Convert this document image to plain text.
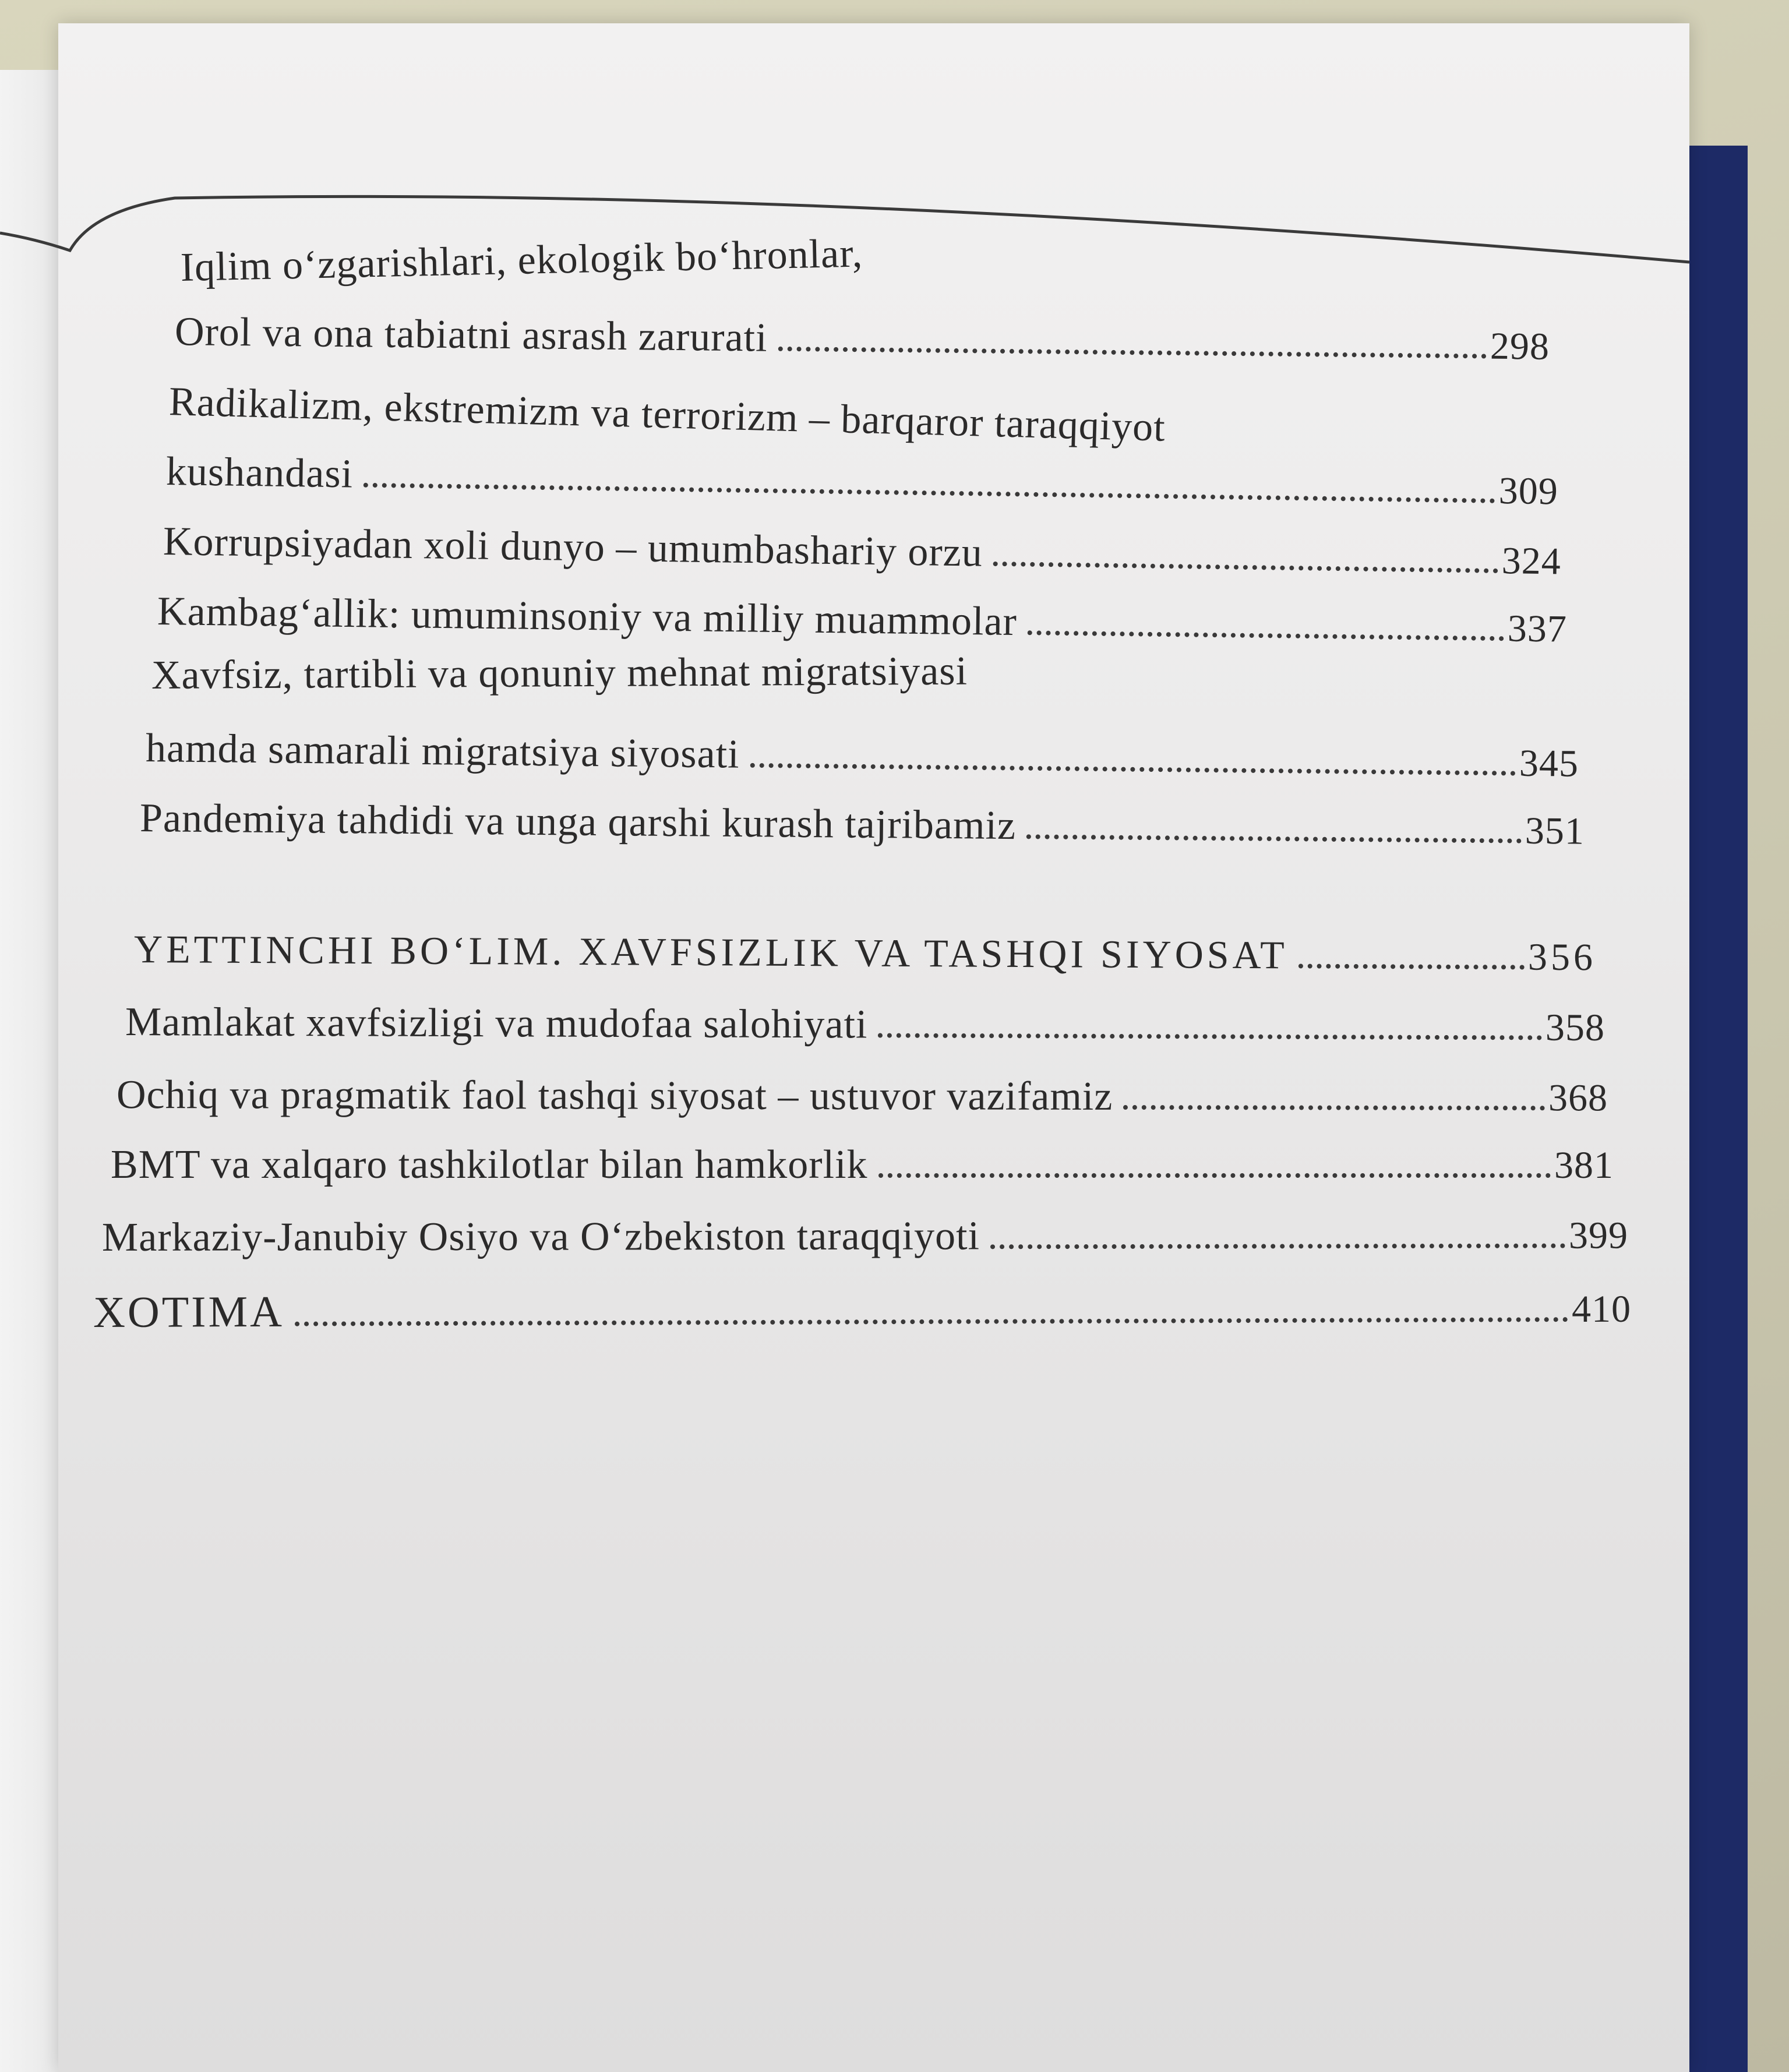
Iqlim oʻzgarishlari, ekologik boʻhronlar,
Orol va ona tabiatni asrash zarurati	298
Radikalizm, ekstremizm va terrorizm – barqaror taraqqiyot
kushandasi	309
Korrupsiyadan xoli dunyo – umumbashariy orzu	324
Kambagʻallik: umuminsoniy va milliy muammolar	337
Xavfsiz, tartibli va qonuniy mehnat migratsiyasi
hamda samarali migratsiya siyosati	345
Pandemiya tahdidi va unga qarshi kurash tajribamiz	351
YETTINCHI BOʻLIM. XAVFSIZLIK VA TASHQI SIYOSAT	356
Mamlakat xavfsizligi va mudofaa salohiyati	358
Ochiq va pragmatik faol tashqi siyosat – ustuvor vazifamiz	368
BMT va xalqaro tashkilotlar bilan hamkorlik	381
Markaziy-Janubiy Osiyo va Oʻzbekiston taraqqiyoti	399
XOTIMA	410
